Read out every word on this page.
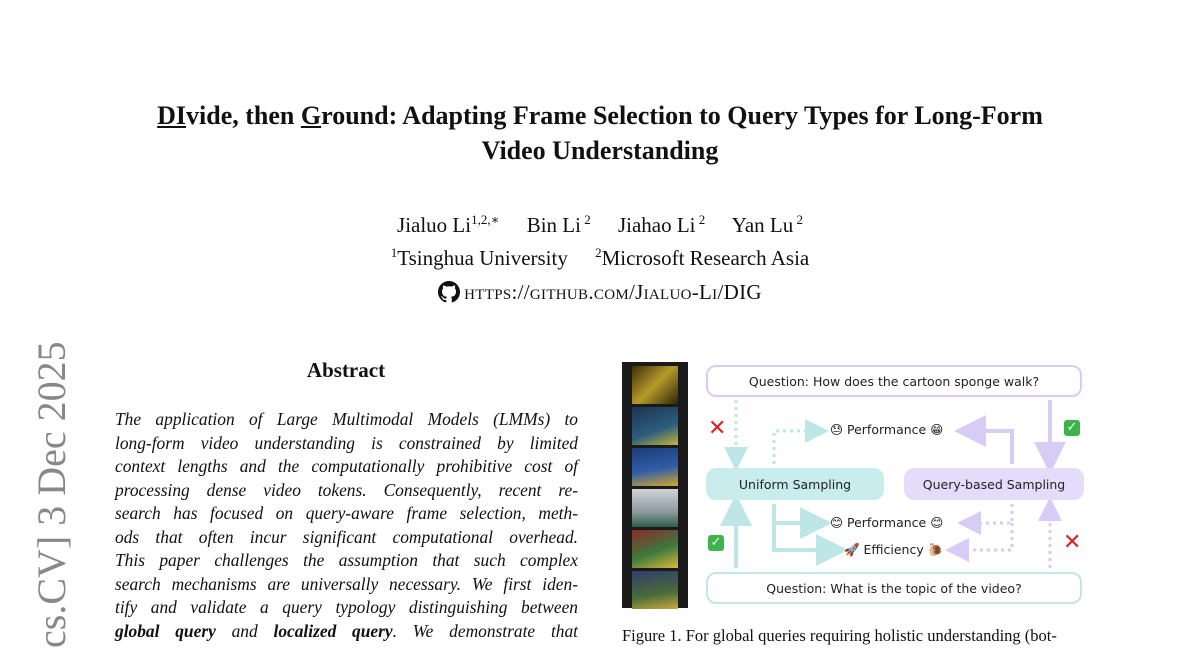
DIvide, then Ground: Adapting Frame Selection to Query Types for Long-Form
Video Understanding
Jialuo $Li^{1,2,∗}$ Bin Li $^2$ Jiahao Li $^2$ Yan Lu $^2$
$^1$Tsinghua University $^2$Microsoft Research Asia
https://github.com/Jialuo-Li/DIG
cs.CV] 3 Dec 2025	Abstract
The application of Large Multimodal Models (LMMs) to
long-form video understanding is constrained by limited
context lengths and the computationally prohibitive cost of
processing dense video tokens. Consequently, recent re-
search has focused on query-aware frame selection, meth-
ods that often incur significant computational overhead.
This paper challenges the assumption that such complex
search mechanisms are universally necessary. We first iden-
tify and validate a query typology distinguishing between
global query and localized query. We demonstrate that
Question: How does the cartoon sponge walk?
Uniform Sampling	Query-based Sampling
Question: What is the topic of the video?
😓 Performance 😁
😊 Performance 😊
🚀 Efficiency 🐌
✕
✕
✓
✓
Figure 1. For global queries requiring holistic understanding (bot-
